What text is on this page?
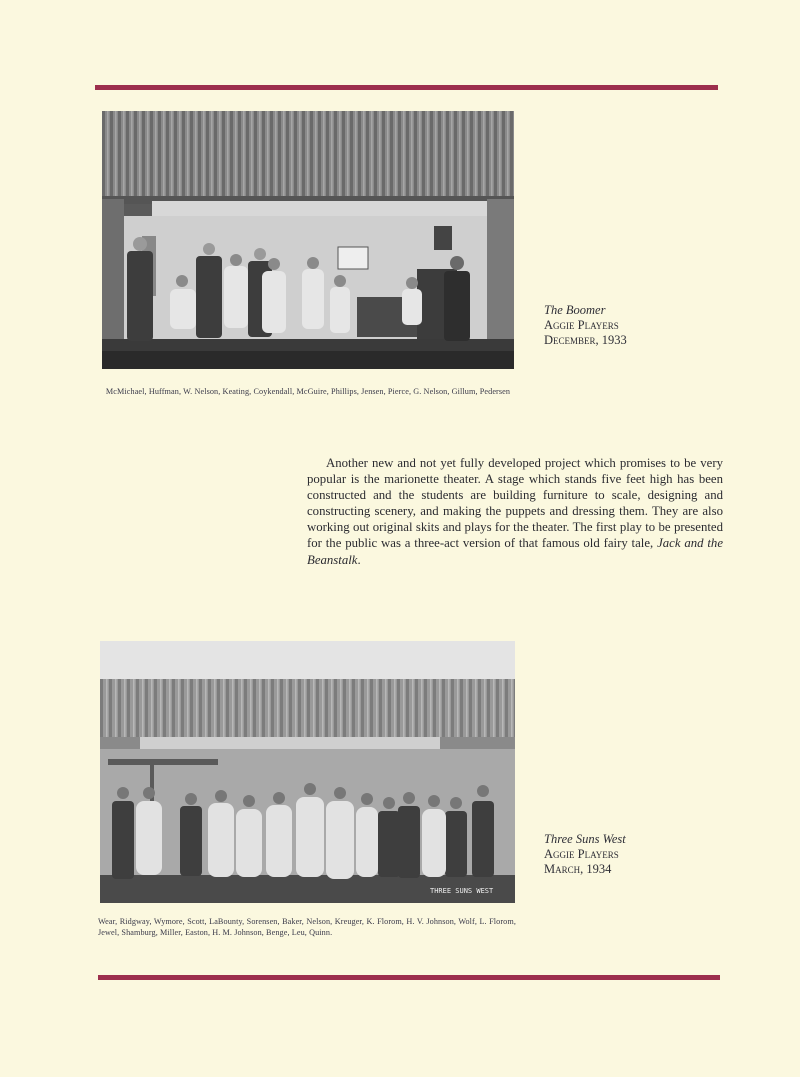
McMichael, Huffman, W. Nelson, Keating, Coykendall, McGuire, Phillips, Jensen, Pierce, G. Nelson, Gillum, Pedersen
The Boomer
Aggie Players
December, 1933
Another new and not yet fully developed project which promises to be very popular is the marionette theater. A stage which stands five feet high has been constructed and the students are building furniture to scale, designing and constructing scenery, and making the puppets and dressing them. They are also working out original skits and plays for the theater. The first play to be presented for the public was a three-act version of that famous old fairy tale, Jack and the Beanstalk.
THREE SUNS WEST
Wear, Ridgway, Wymore, Scott, LaBounty, Sorensen, Baker, Nelson, Kreuger, K. Florom, H. V. Johnson, Wolf, L. Florom, Jewel, Shamburg, Miller, Easton, H. M. Johnson, Benge, Leu, Quinn.
Three Suns West
Aggie Players
March, 1934
